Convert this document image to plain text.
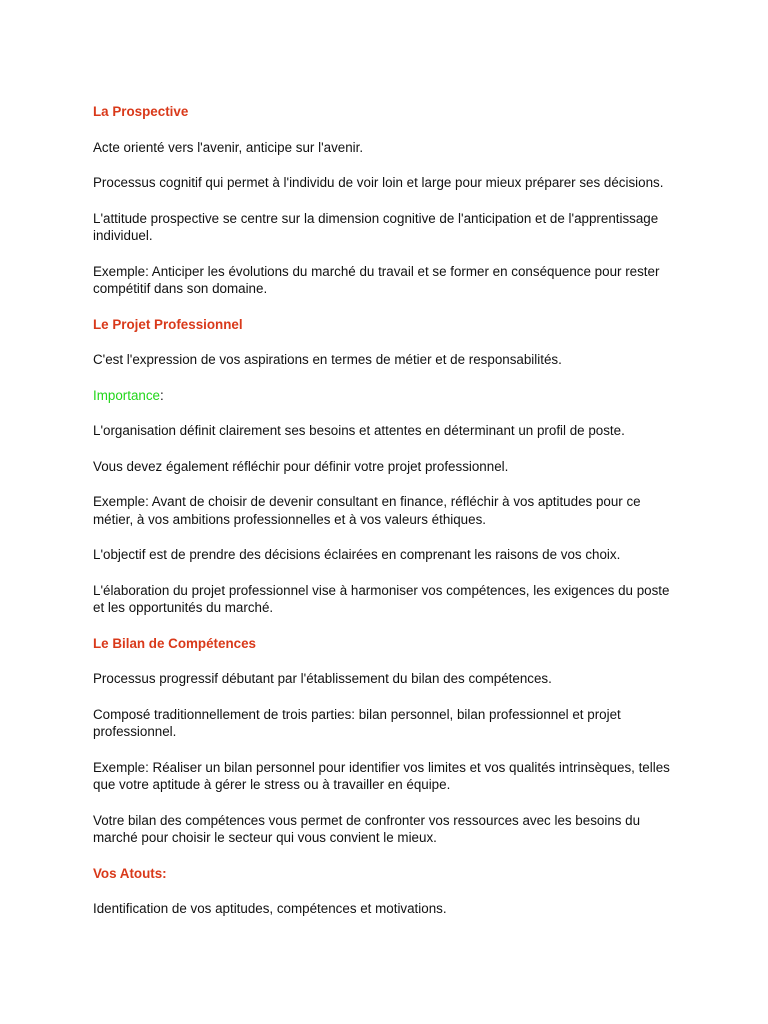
La Prospective
Acte orienté vers l'avenir, anticipe sur l'avenir.
Processus cognitif qui permet à l'individu de voir loin et large pour mieux préparer ses décisions.
L'attitude prospective se centre sur la dimension cognitive de l'anticipation et de l'apprentissage individuel.
Exemple: Anticiper les évolutions du marché du travail et se former en conséquence pour rester compétitif dans son domaine.
Le Projet Professionnel
C'est l'expression de vos aspirations en termes de métier et de responsabilités.
Importance:
L'organisation définit clairement ses besoins et attentes en déterminant un profil de poste.
Vous devez également réfléchir pour définir votre projet professionnel.
Exemple: Avant de choisir de devenir consultant en finance, réfléchir à vos aptitudes pour ce métier, à vos ambitions professionnelles et à vos valeurs éthiques.
L'objectif est de prendre des décisions éclairées en comprenant les raisons de vos choix.
L'élaboration du projet professionnel vise à harmoniser vos compétences, les exigences du poste et les opportunités du marché.
Le Bilan de Compétences
Processus progressif débutant par l'établissement du bilan des compétences.
Composé traditionnellement de trois parties: bilan personnel, bilan professionnel et projet professionnel.
Exemple: Réaliser un bilan personnel pour identifier vos limites et vos qualités intrinsèques, telles que votre aptitude à gérer le stress ou à travailler en équipe.
Votre bilan des compétences vous permet de confronter vos ressources avec les besoins du marché pour choisir le secteur qui vous convient le mieux.
Vos Atouts:
Identification de vos aptitudes, compétences et motivations.
